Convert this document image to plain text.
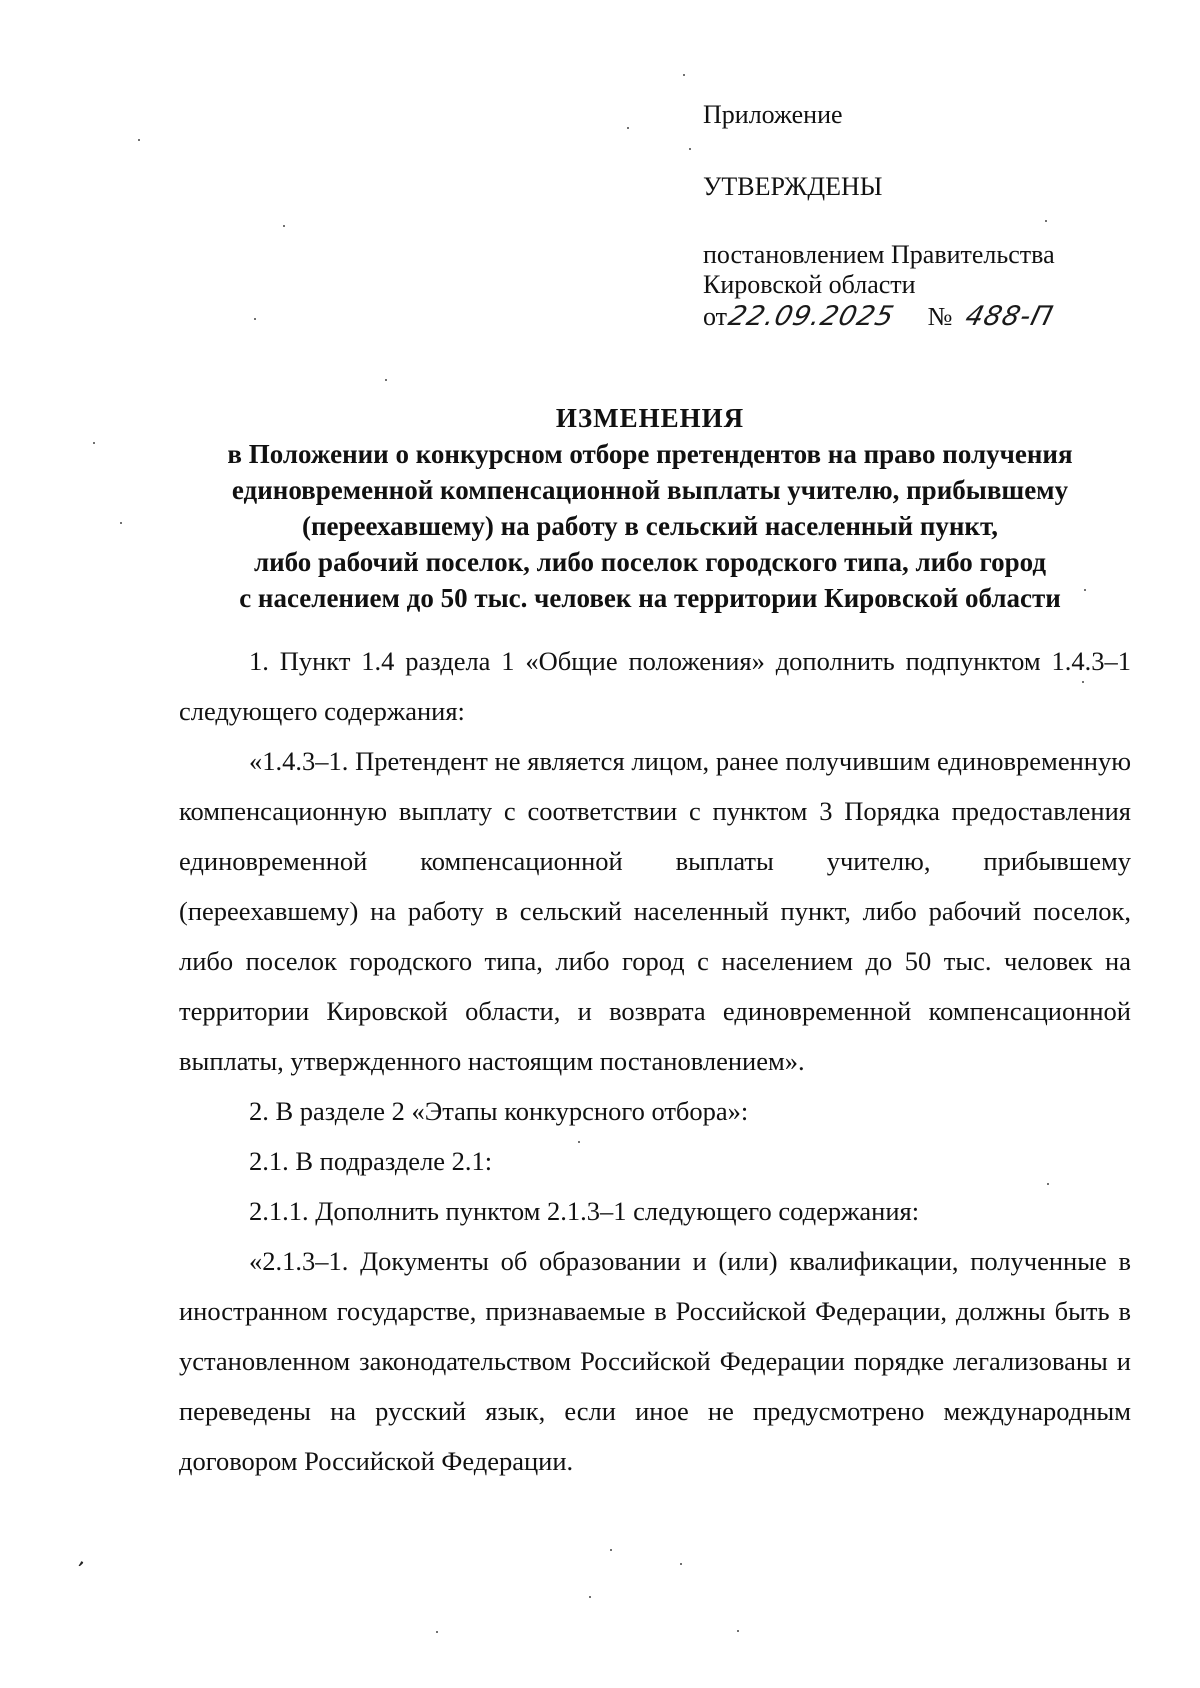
Приложение
УТВЕРЖДЕНЫ
постановлением Правительства
Кировской области
от
22.09.2025 № 488-П
ИЗМЕНЕНИЯ
в Положении о конкурсном отборе претендентов на право получения
единовременной компенсационной выплаты учителю, прибывшему
(переехавшему) на работу в сельский населенный пункт,
либо рабочий поселок, либо поселок городского типа, либо город
с населением до 50 тыс. человек на территории Кировской области

1. Пункт 1.4 раздела 1 «Общие положения» дополнить подпунктом 1.4.3–1 следующего содержания:

«1.4.3–1. Претендент не является лицом, ранее получившим единовременную компенсационную выплату с соответствии с пунктом 3 Порядка предоставления единовременной компенсационной выплаты учителю, прибывшему (переехавшему) на работу в сельский населенный пункт, либо рабочий поселок, либо поселок городского типа, либо город с населением до 50 тыс. человек на территории Кировской области, и возврата единовременной компенсационной выплаты, утвержденного настоящим постановлением».

2. В разделе 2 «Этапы конкурсного отбора»:

2.1. В подразделе 2.1:

2.1.1. Дополнить пунктом 2.1.3–1 следующего содержания:

«2.1.3–1. Документы об образовании и (или) квалификации, полученные в иностранном государстве, признаваемые в Российской Федерации, должны быть в установленном законодательством Российской Федерации порядке легализованы и переведены на русский язык, если иное не предусмотрено международным договором Российской Федерации.

ʼ
